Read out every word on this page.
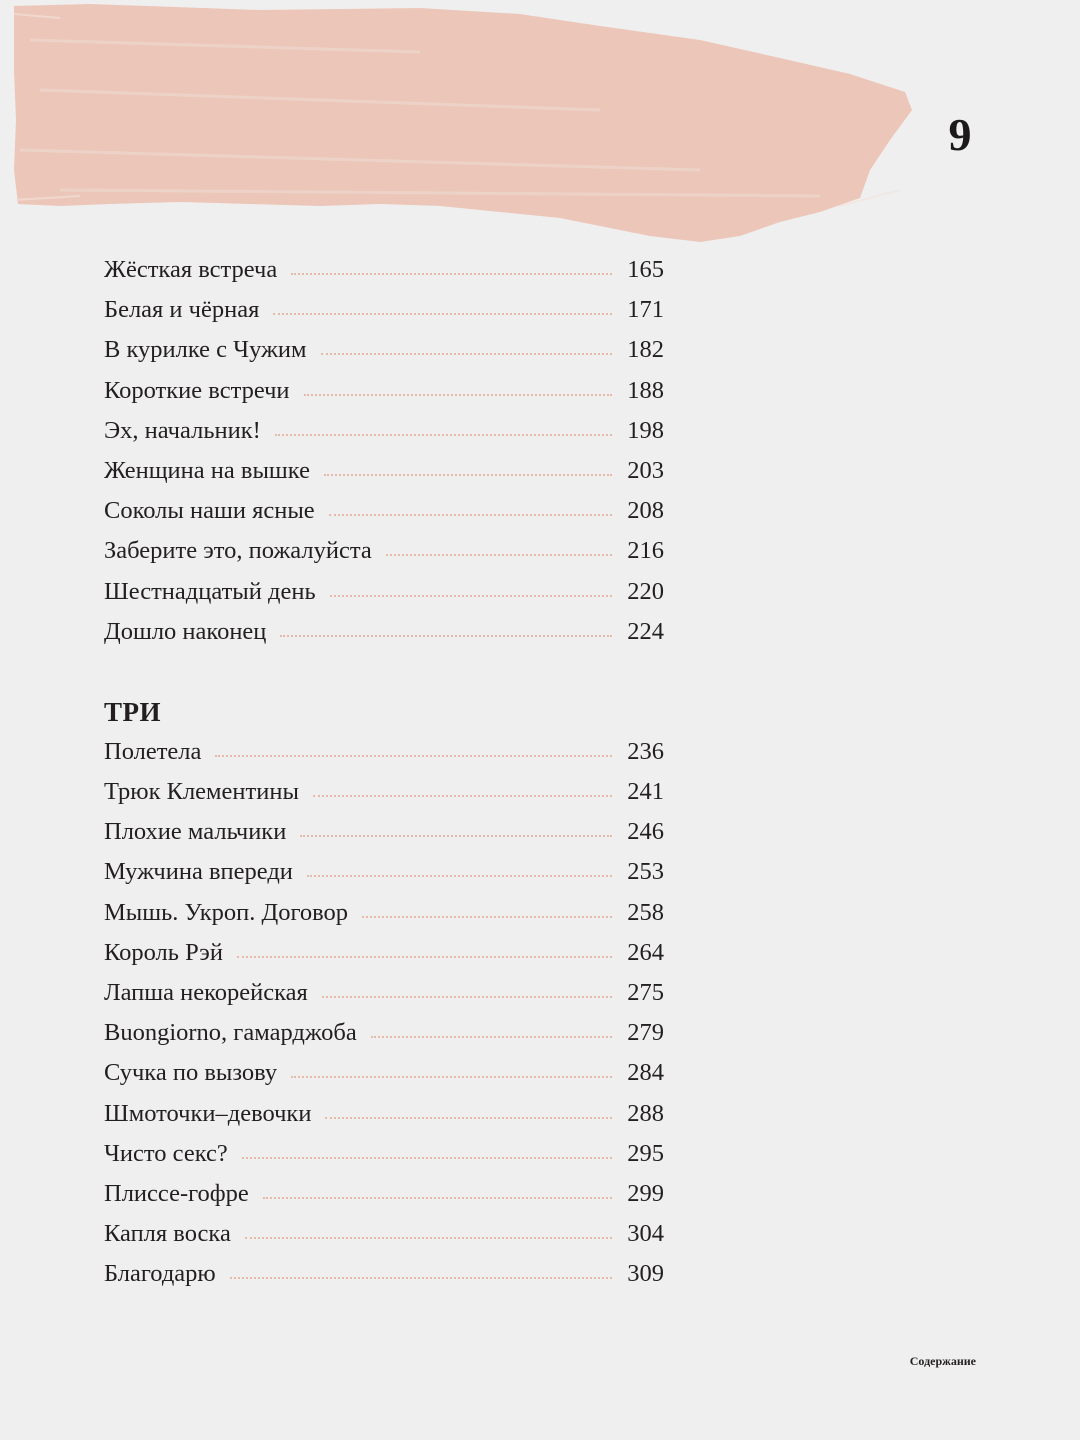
9
Жёсткая встреча	165
Белая и чёрная	171
В курилке с Чужим	182
Короткие встречи	188
Эх, начальник!	198
Женщина на вышке	203
Соколы наши ясные	208
Заберите это, пожалуйста	216
Шестнадцатый день	220
Дошло наконец	224
ТРИ
Полетела	236
Трюк Клементины	241
Плохие мальчики	246
Мужчина впереди	253
Мышь. Укроп. Договор	258
Король Рэй	264
Лапша некорейская	275
Buongiorno, гамарджоба	279
Сучка по вызову	284
Шмоточки–девочки	288
Чисто секс?	295
Плиссе-гофре	299
Капля воска	304
Благодарю	309
Содержание
